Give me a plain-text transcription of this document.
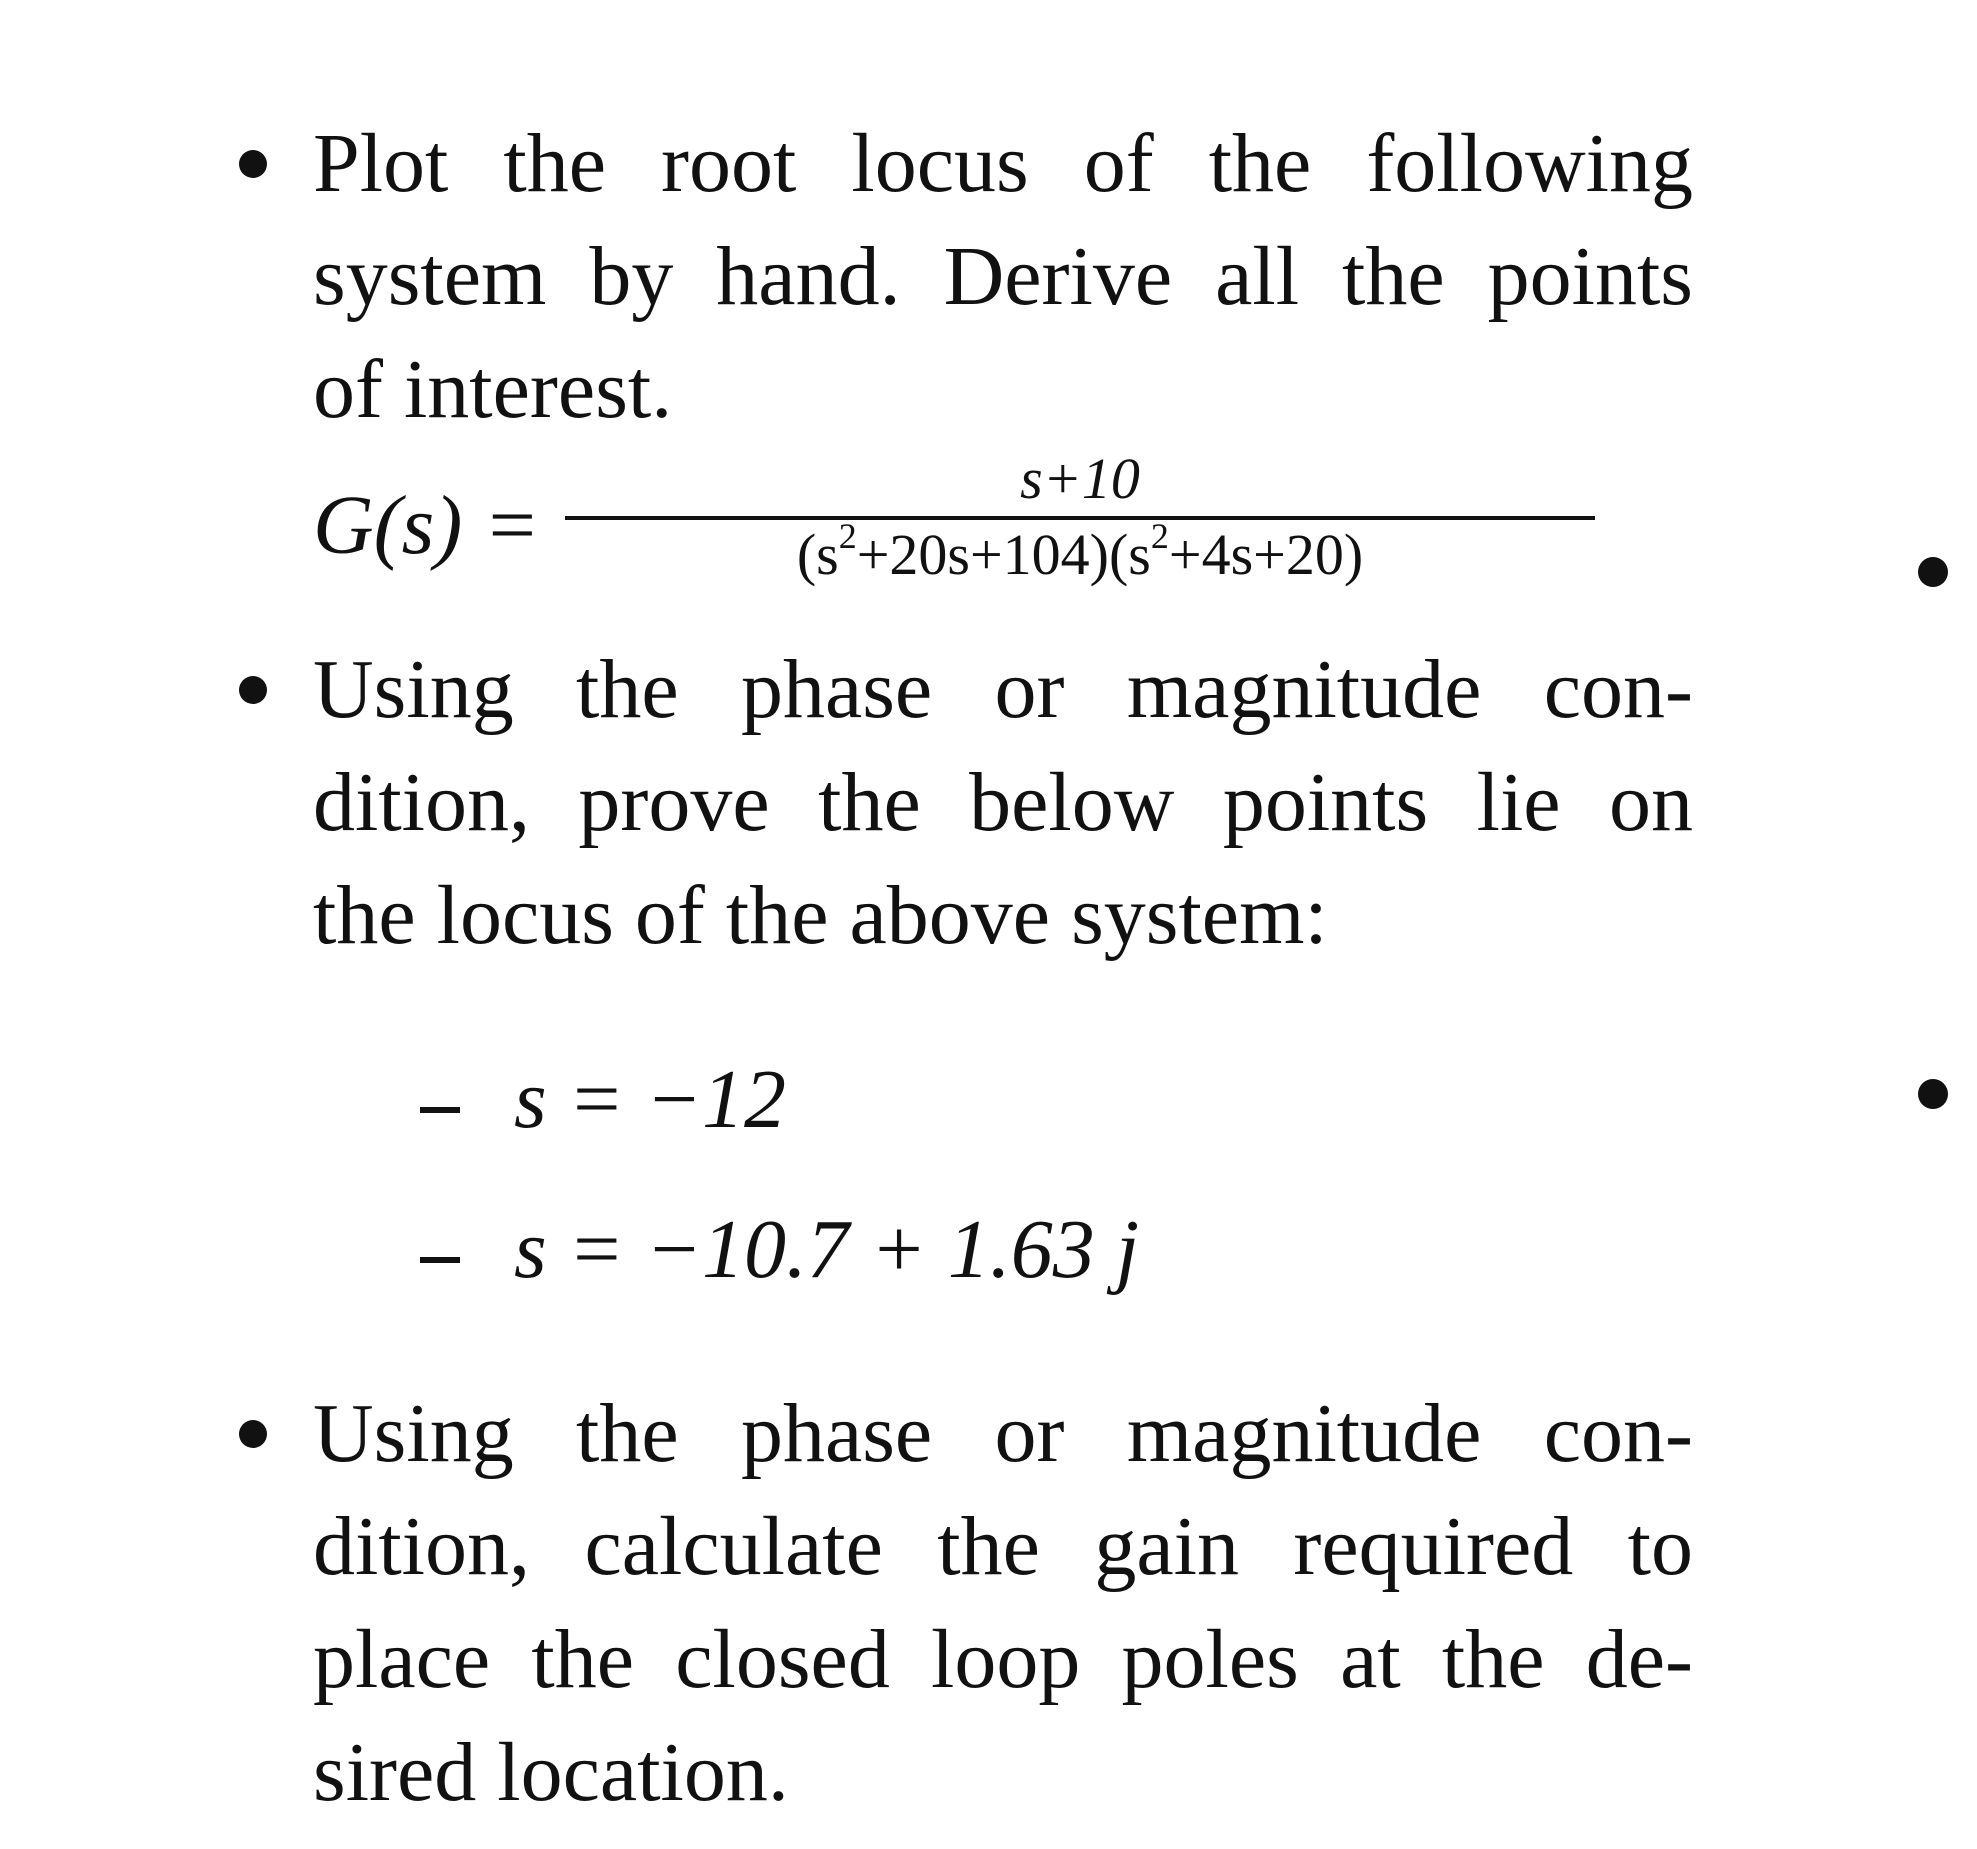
Plot the root locus of the following
system by hand. Derive all the points
of interest.
G(s) =
s+10
$(s^2+20s+104)(s^2+4s+20)$
Using the phase or magnitude con-
dition, prove the below points lie on
the locus of the above system:
s = −12
s = −10.7 + 1.63 j
Using the phase or magnitude con-
dition, calculate the gain required to
place the closed loop poles at the de-
sired location.
